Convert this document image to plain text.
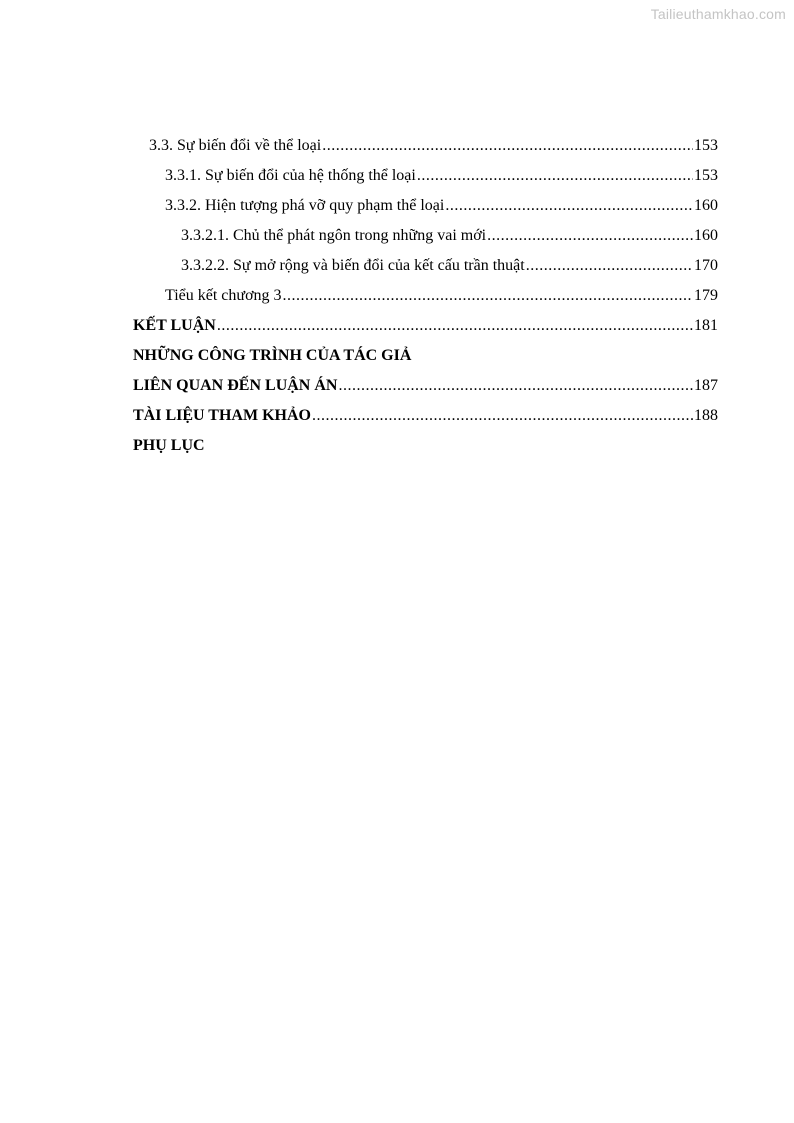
Tailieuthamkhao.com
3.3. Sự biến đổi về thể loại .....	153
3.3.1. Sự biến đổi của hệ thống thể loại .....	153
3.3.2. Hiện tượng phá vỡ quy phạm thể loại .....	160
3.3.2.1. Chủ thể phát ngôn trong những vai mới .....	160
3.3.2.2. Sự mở rộng và biến đổi của kết cấu trần thuật .....	170
Tiểu kết chương 3 .....	179
KẾT LUẬN .....	181
NHỮNG CÔNG TRÌNH CỦA TÁC GIẢ
LIÊN QUAN ĐẾN LUẬN ÁN .....	187
TÀI LIỆU THAM KHẢO .....	188
PHỤ LỤC
